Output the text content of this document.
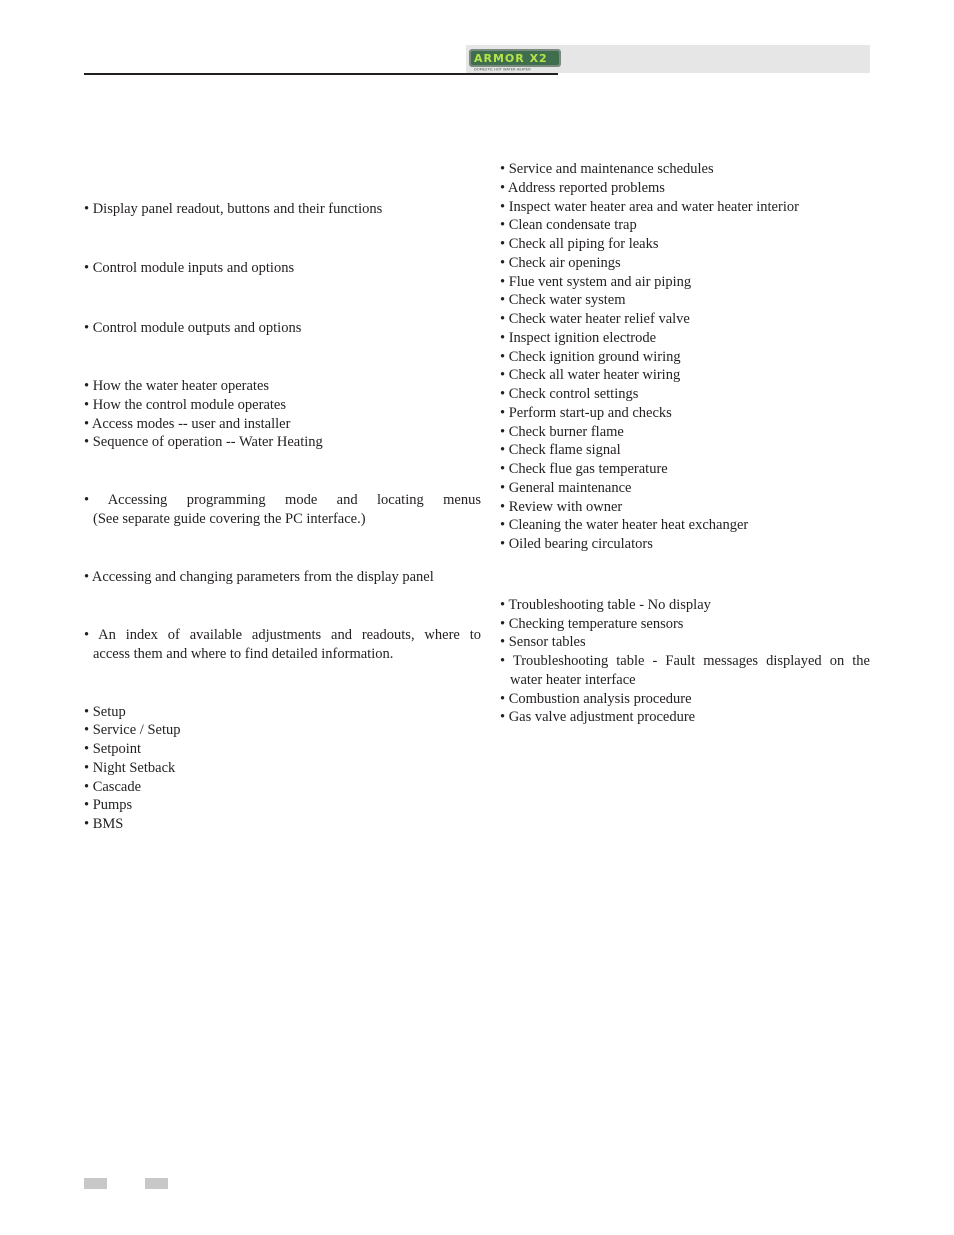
ARMOR X2
DOMESTIC HOT WATER HEATER
• Display panel readout, buttons and their functions
• Control module inputs and options
• Control module outputs and options
• How the water heater operates
• How the control module operates
• Access modes -- user and installer
• Sequence of operation -- Water Heating
• Accessing programming mode and locating menus
(See separate guide covering the PC interface.)
• Accessing and changing parameters from the display panel
• An index of available adjustments and readouts, where to
access them and where to find detailed information.
• Setup
• Service / Setup
• Setpoint
• Night Setback
• Cascade
• Pumps
• BMS
• Service and maintenance schedules
• Address reported problems
• Inspect water heater area and water heater interior
• Clean condensate trap
• Check all piping for leaks
• Check air openings
• Flue vent system and air piping
• Check water system
• Check water heater relief valve
• Inspect ignition electrode
• Check ignition ground wiring
• Check all water heater wiring
• Check control settings
• Perform start-up and checks
• Check burner flame
• Check flame signal
• Check flue gas temperature
• General maintenance
• Review with owner
• Cleaning the water heater heat exchanger
• Oiled bearing circulators
• Troubleshooting table - No display
• Checking temperature sensors
• Sensor tables
• Troubleshooting table - Fault messages displayed on the
water heater interface
• Combustion analysis procedure
• Gas valve adjustment procedure
